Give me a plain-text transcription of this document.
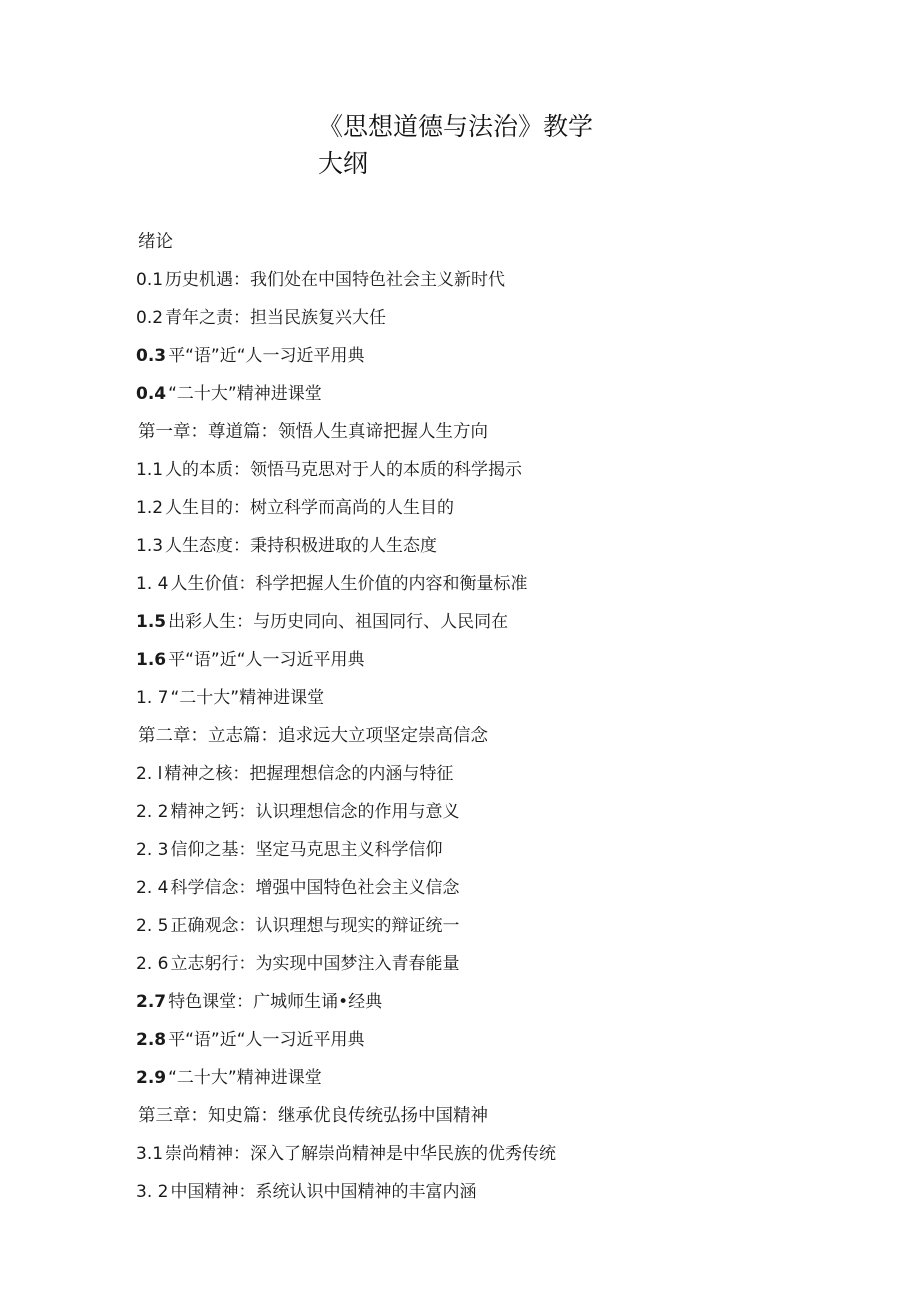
《思想道德与法治》教学
大纲
绪论
0.1 历史机遇：我们处在中国特色社会主义新时代
0.2 青年之责：担当民族复兴大任
0.3 平“语”近“人一习近平用典
0.4 “二十大”精神进课堂
第一章：尊道篇：领悟人生真谛把握人生方向
1.1 人的本质：领悟马克思对于人的本质的科学揭示
1.2 人生目的：树立科学而高尚的人生目的
1.3 人生态度：秉持积极进取的人生态度
1. 4 人生价值：科学把握人生价值的内容和衡量标准
1.5 出彩人生：与历史同向、祖国同行、人民同在
1.6 平“语”近“人一习近平用典
1. 7 “二十大”精神进课堂
第二章：立志篇：追求远大立项坚定崇高信念
2. l 精神之核：把握理想信念的内涵与特征
2. 2 精神之钙：认识理想信念的作用与意义
2. 3 信仰之基：坚定马克思主义科学信仰
2. 4 科学信念：增强中国特色社会主义信念
2. 5 正确观念：认识理想与现实的辩证统一
2. 6 立志躬行：为实现中国梦注入青春能量
2.7 特色课堂：广城师生诵•经典
2.8 平“语”近“人一习近平用典
2.9 “二十大”精神进课堂
第三章：知史篇：继承优良传统弘扬中国精神
3.1 崇尚精神：深入了解崇尚精神是中华民族的优秀传统
3. 2 中国精神：系统认识中国精神的丰富内涵
